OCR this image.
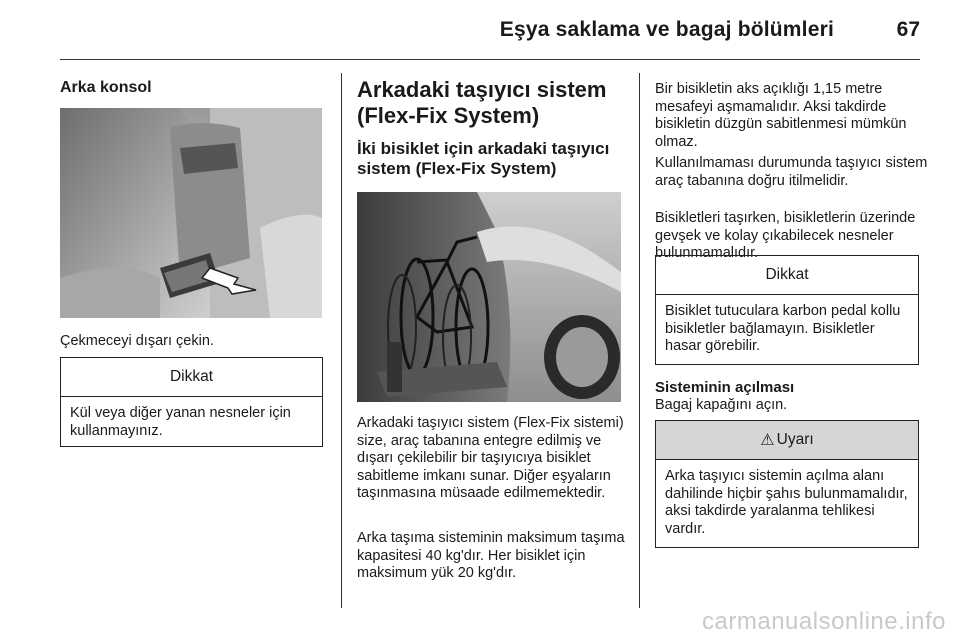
Eşya saklama ve bagaj bölümleri	67
Arka konsol

Çekmeceyi dışarı çekin.

Dikkat
Kül veya diğer yanan nesneler için kullanmayınız.
Arkadaki taşıyıcı sistem (Flex-Fix System)
İki bisiklet için arkadaki taşıyıcı sistem (Flex-Fix System)

Arkadaki taşıyıcı sistem (Flex-Fix sistemi) size, araç tabanına entegre edilmiş ve dışarı çekilebilir bir taşıyıcıya bisiklet sabitleme imkanı sunar. Diğer eşyaların taşınmasına müsaade edilmemektedir.

Arka taşıma sisteminin maksimum taşıma kapasitesi 40 kg'dır. Her bisiklet için maksimum yük 20 kg'dır.

Bir bisikletin aks açıklığı 1,15 metre mesafeyi aşmamalıdır. Aksi takdirde bisikletin düzgün sabitlenmesi mümkün olmaz.

Kullanılmaması durumunda taşıyıcı sistem araç tabanına doğru itilmelidir.

Bisikletleri taşırken, bisikletlerin üzerinde gevşek ve kolay çıkabilecek nesneler bulunmamalıdır.

Dikkat
Bisiklet tutuculara karbon pedal kollu bisikletler bağlamayın. Bisikletler hasar görebilir.
Sisteminin açılması

Bagaj kapağını açın.

⚠ Uyarı
Arka taşıyıcı sistemin açılma alanı dahilinde hiçbir şahıs bulunmamalıdır, aksi takdirde yaralanma tehlikesi vardır.
carmanualsonline.info
